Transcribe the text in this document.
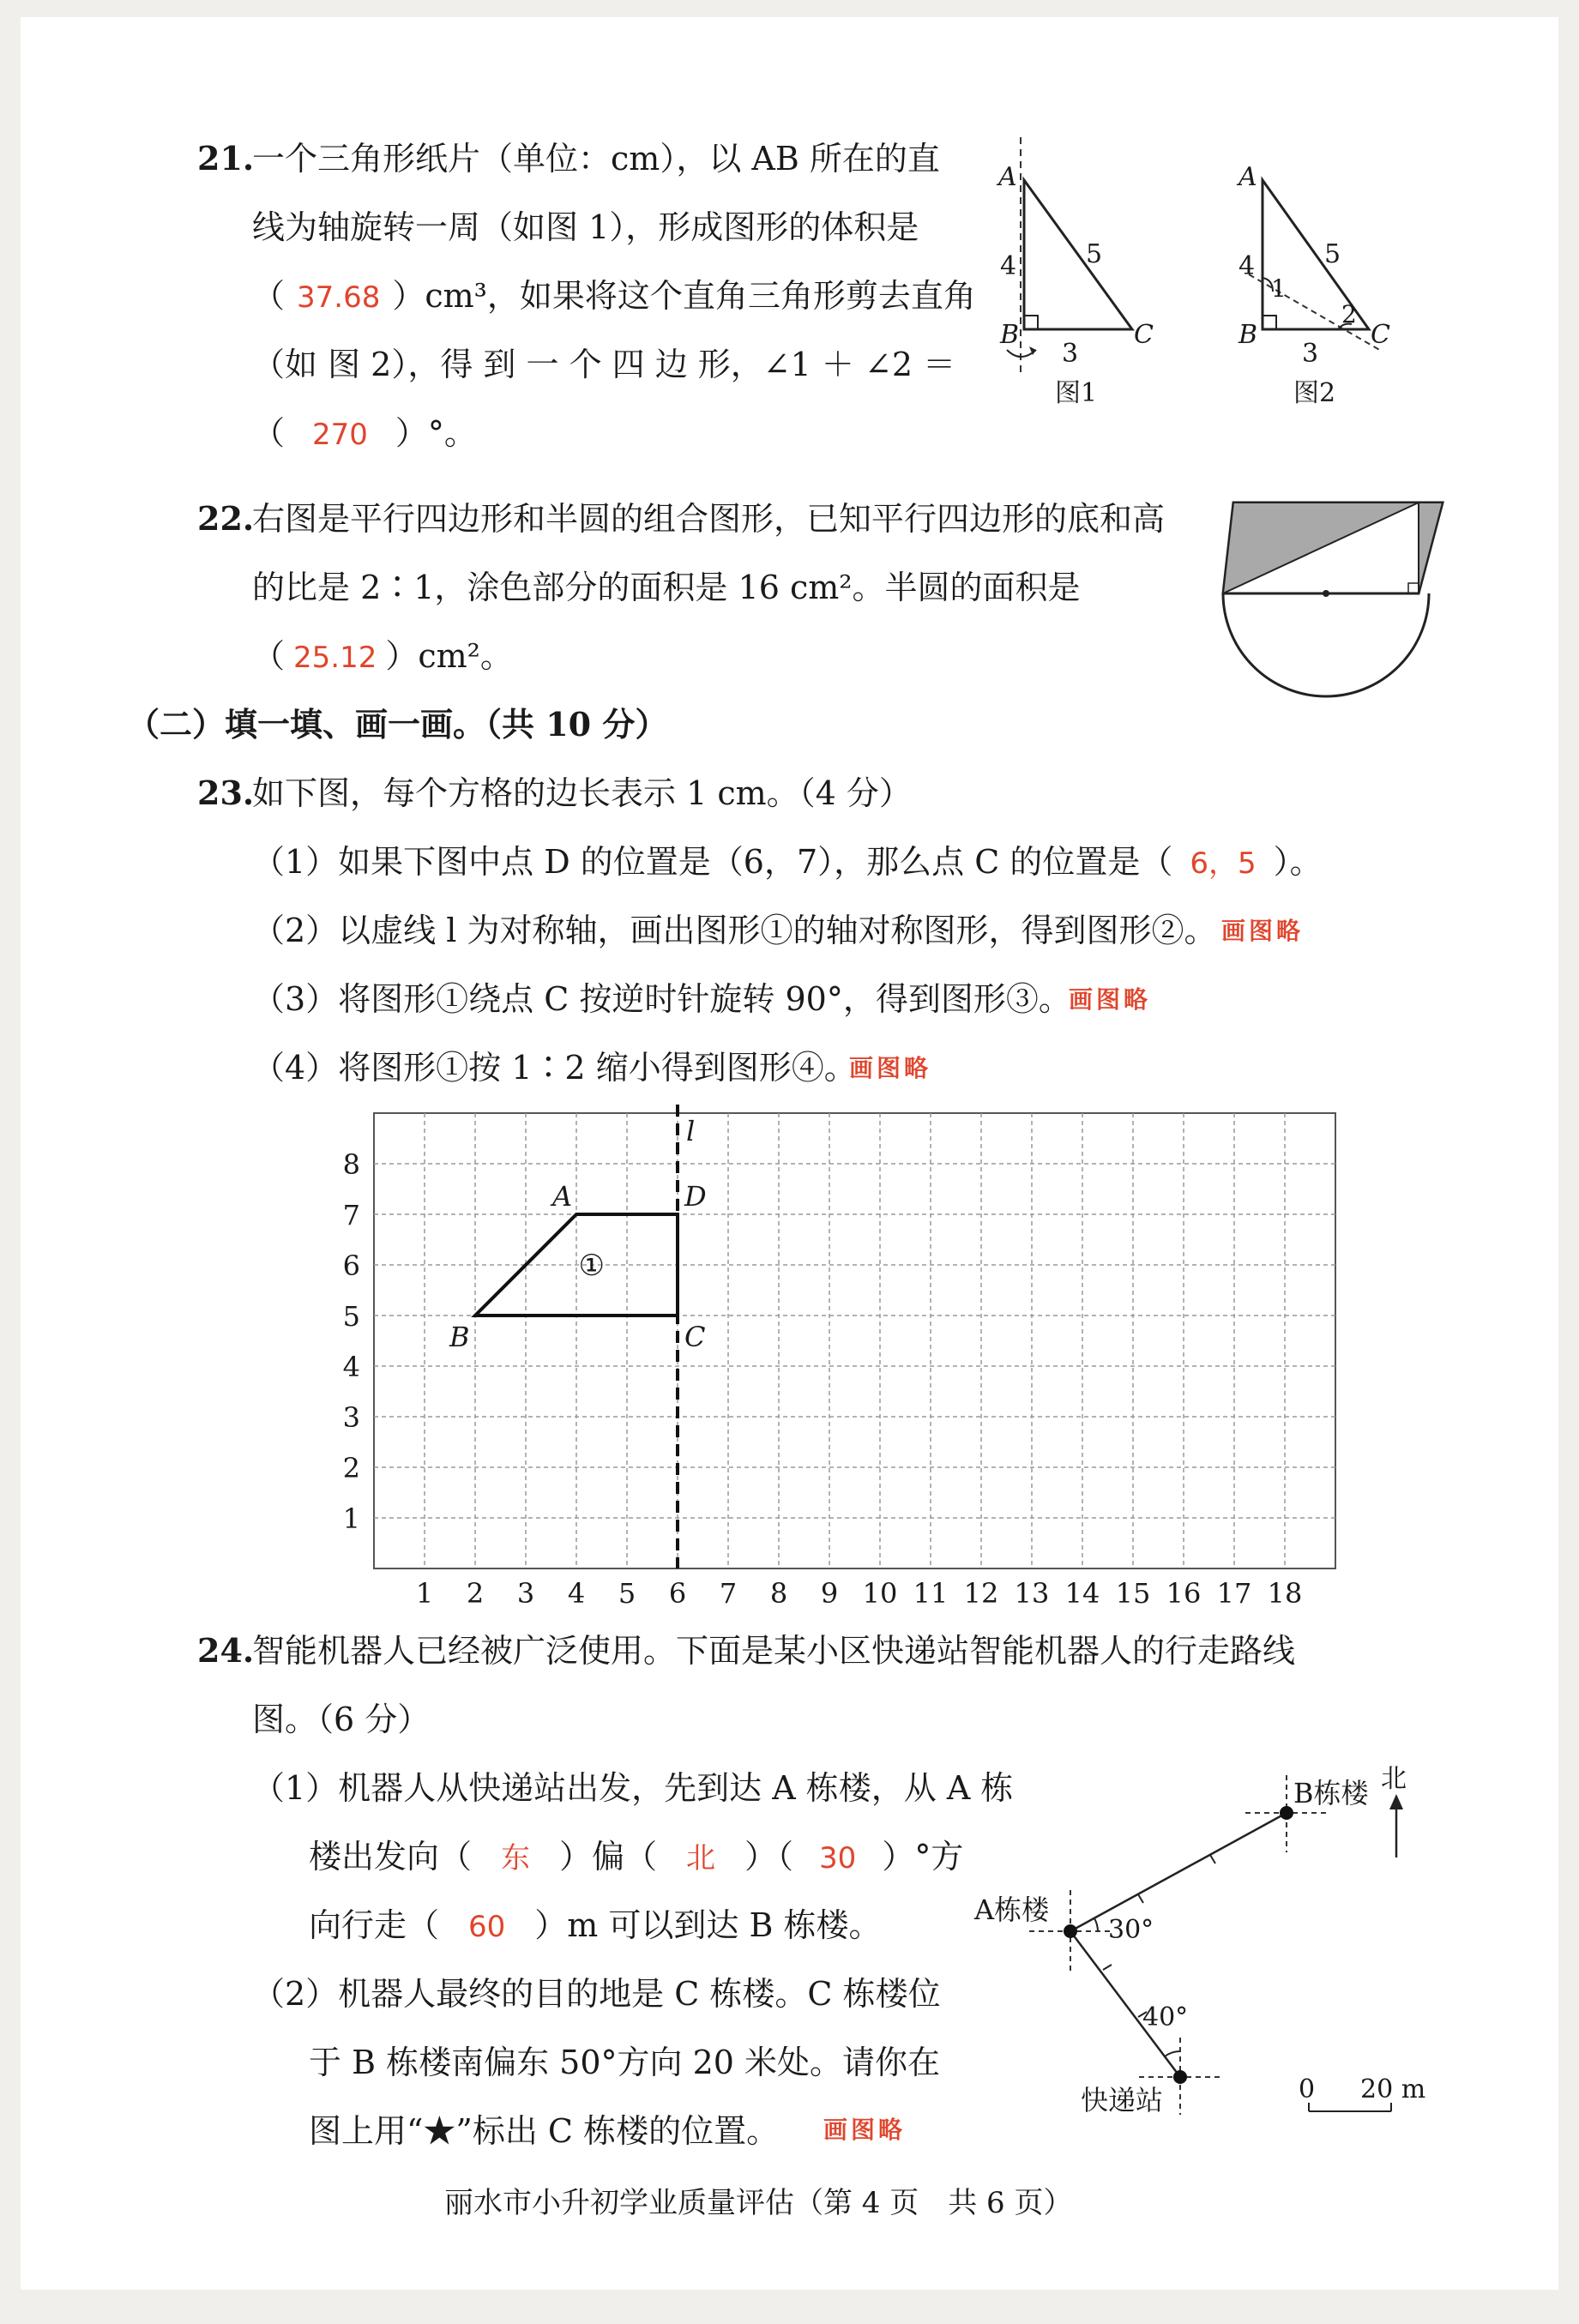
21.
一个三角形纸片（单位：cm），以 AB 所在的直
线为轴旋转一周（如图 1），形成图形的体积是
（ 37.68 ）cm³，如果将这个直角三角形剪去直角
（如 图 2），得 到 一 个 四 边 形，∠1 ＋ ∠2 ＝
（ 270 ）°。
A
4	5
B	C
3
图1
A
4
1
5
2
B	C
3
图2
1 2 3 4 5 6 7 8 9 10 11 12 13 14 15 16 17 18
1
2
3
4
5
6
7
8
l
①
A	D
C
B
B栋楼 北
A栋楼
30°
40°
快递站	0 20 m
22.
右图是平行四边形和半圆的组合图形，已知平行四边形的底和高
的比是 2∶1，涂色部分的面积是 16 cm²。半圆的面积是
（ 25.12 ）cm²。
（二）填一填、画一画。（共 10 分）
23.
如下图，每个方格的边长表示 1 cm。（4 分）
（1）如果下图中点 D 的位置是（6，7），那么点 C 的位置是（ 6，5 ）。
（2）以虚线 l 为对称轴，画出图形①的轴对称图形，得到图形②。 画图略
（3）将图形①绕点 C 按逆时针旋转 90°，得到图形③。
画图略
（4）将图形①按 1∶2 缩小得到图形④。
画图略
24.
智能机器人已经被广泛使用。下面是某小区快递站智能机器人的行走路线
图。（6 分）
（1）机器人从快递站出发，先到达 A 栋楼，从 A 栋
楼出发向（ 东 ）偏（ 北 ）（ 30 ）°方
向行走（ 60 ）m 可以到达 B 栋楼。
（2）机器人最终的目的地是 C 栋楼。C 栋楼位
于 B 栋楼南偏东 50°方向 20 米处。请你在
图上用“★”标出 C 栋楼的位置。 画图略
丽水市小升初学业质量评估（第 4 页　共 6 页）
